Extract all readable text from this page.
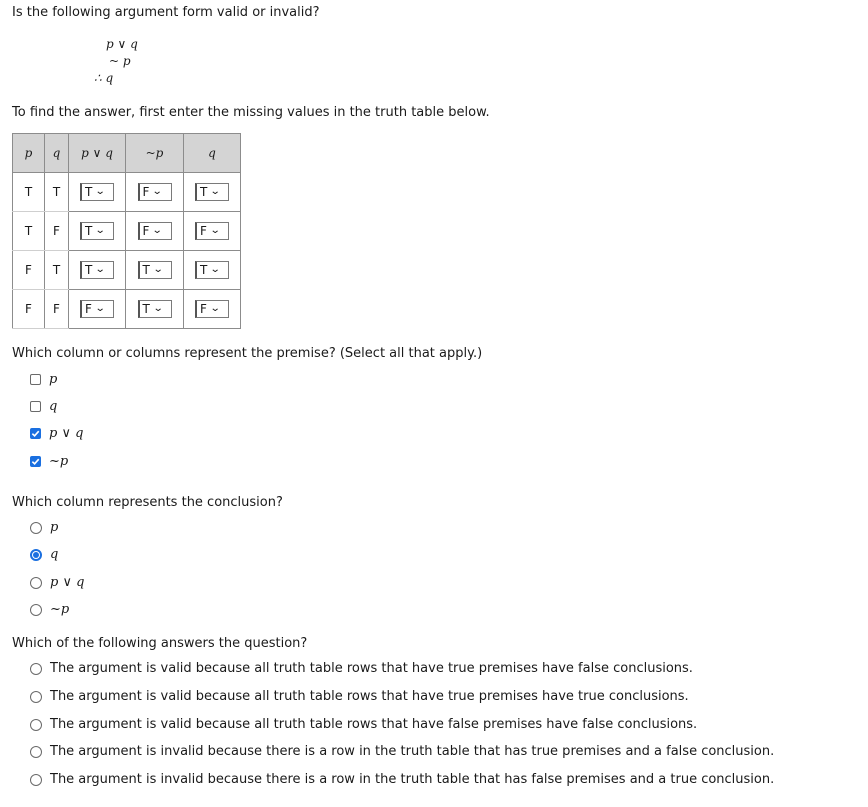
Is the following argument form valid or invalid?
p ∨ q
~ p
∴ q
To find the answer, first enter the missing values in the truth table below.
p	q	p ∨ q	~p	q
T	T	T ⌄	F ⌄	T ⌄

T	F	T ⌄	F ⌄	F ⌄

F	T	T ⌄	T ⌄	T ⌄

F	F	F ⌄	T ⌄	F ⌄
Which column or columns represent the premise? (Select all that apply.)
p
q
p ∨ q
~p
Which column represents the conclusion?
p
q
p ∨ q
~p
Which of the following answers the question?
The argument is valid because all truth table rows that have true premises have false conclusions.
The argument is valid because all truth table rows that have true premises have true conclusions.
The argument is valid because all truth table rows that have false premises have false conclusions.
The argument is invalid because there is a row in the truth table that has true premises and a false conclusion.
The argument is invalid because there is a row in the truth table that has false premises and a true conclusion.
